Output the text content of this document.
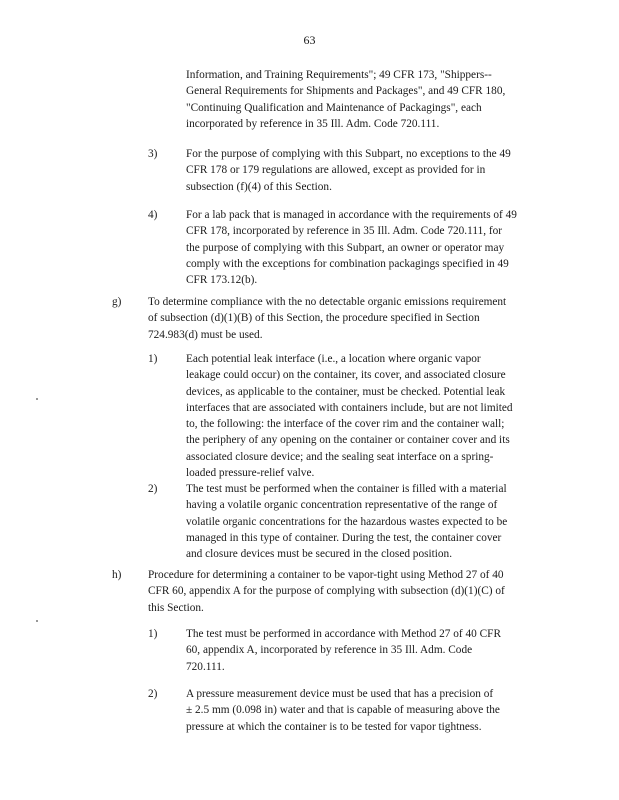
63
Information, and Training Requirements"; 49 CFR 173, "Shippers--
General Requirements for Shipments and Packages", and 49 CFR 180,
"Continuing Qualification and Maintenance of Packagings", each
incorporated by reference in 35 Ill. Adm. Code 720.111.
3)	For the purpose of complying with this Subpart, no exceptions to the 49
CFR 178 or 179 regulations are allowed, except as provided for in
subsection (f)(4) of this Section.
4)	For a lab pack that is managed in accordance with the requirements of 49
CFR 178, incorporated by reference in 35 Ill. Adm. Code 720.111, for
the purpose of complying with this Subpart, an owner or operator may
comply with the exceptions for combination packagings specified in 49
CFR 173.12(b).
g) To determine compliance with the no detectable organic emissions requirement
of subsection (d)(1)(B) of this Section, the procedure specified in Section
724.983(d) must be used.
1)	Each potential leak interface (i.e., a location where organic vapor
leakage could occur) on the container, its cover, and associated closure
devices, as applicable to the container, must be checked. Potential leak
interfaces that are associated with containers include, but are not limited
to, the following: the interface of the cover rim and the container wall;
the periphery of any opening on the container or container cover and its
associated closure device; and the sealing seat interface on a spring-
loaded pressure-relief valve.
2)	The test must be performed when the container is filled with a material
having a volatile organic concentration representative of the range of
volatile organic concentrations for the hazardous wastes expected to be
managed in this type of container. During the test, the container cover
and closure devices must be secured in the closed position.
h) Procedure for determining a container to be vapor-tight using Method 27 of 40
CFR 60, appendix A for the purpose of complying with subsection (d)(1)(C) of
this Section.
1)	The test must be performed in accordance with Method 27 of 40 CFR
60, appendix A, incorporated by reference in 35 Ill. Adm. Code
720.111.
2)	A pressure measurement device must be used that has a precision of
± 2.5 mm (0.098 in) water and that is capable of measuring above the
pressure at which the container is to be tested for vapor tightness.
